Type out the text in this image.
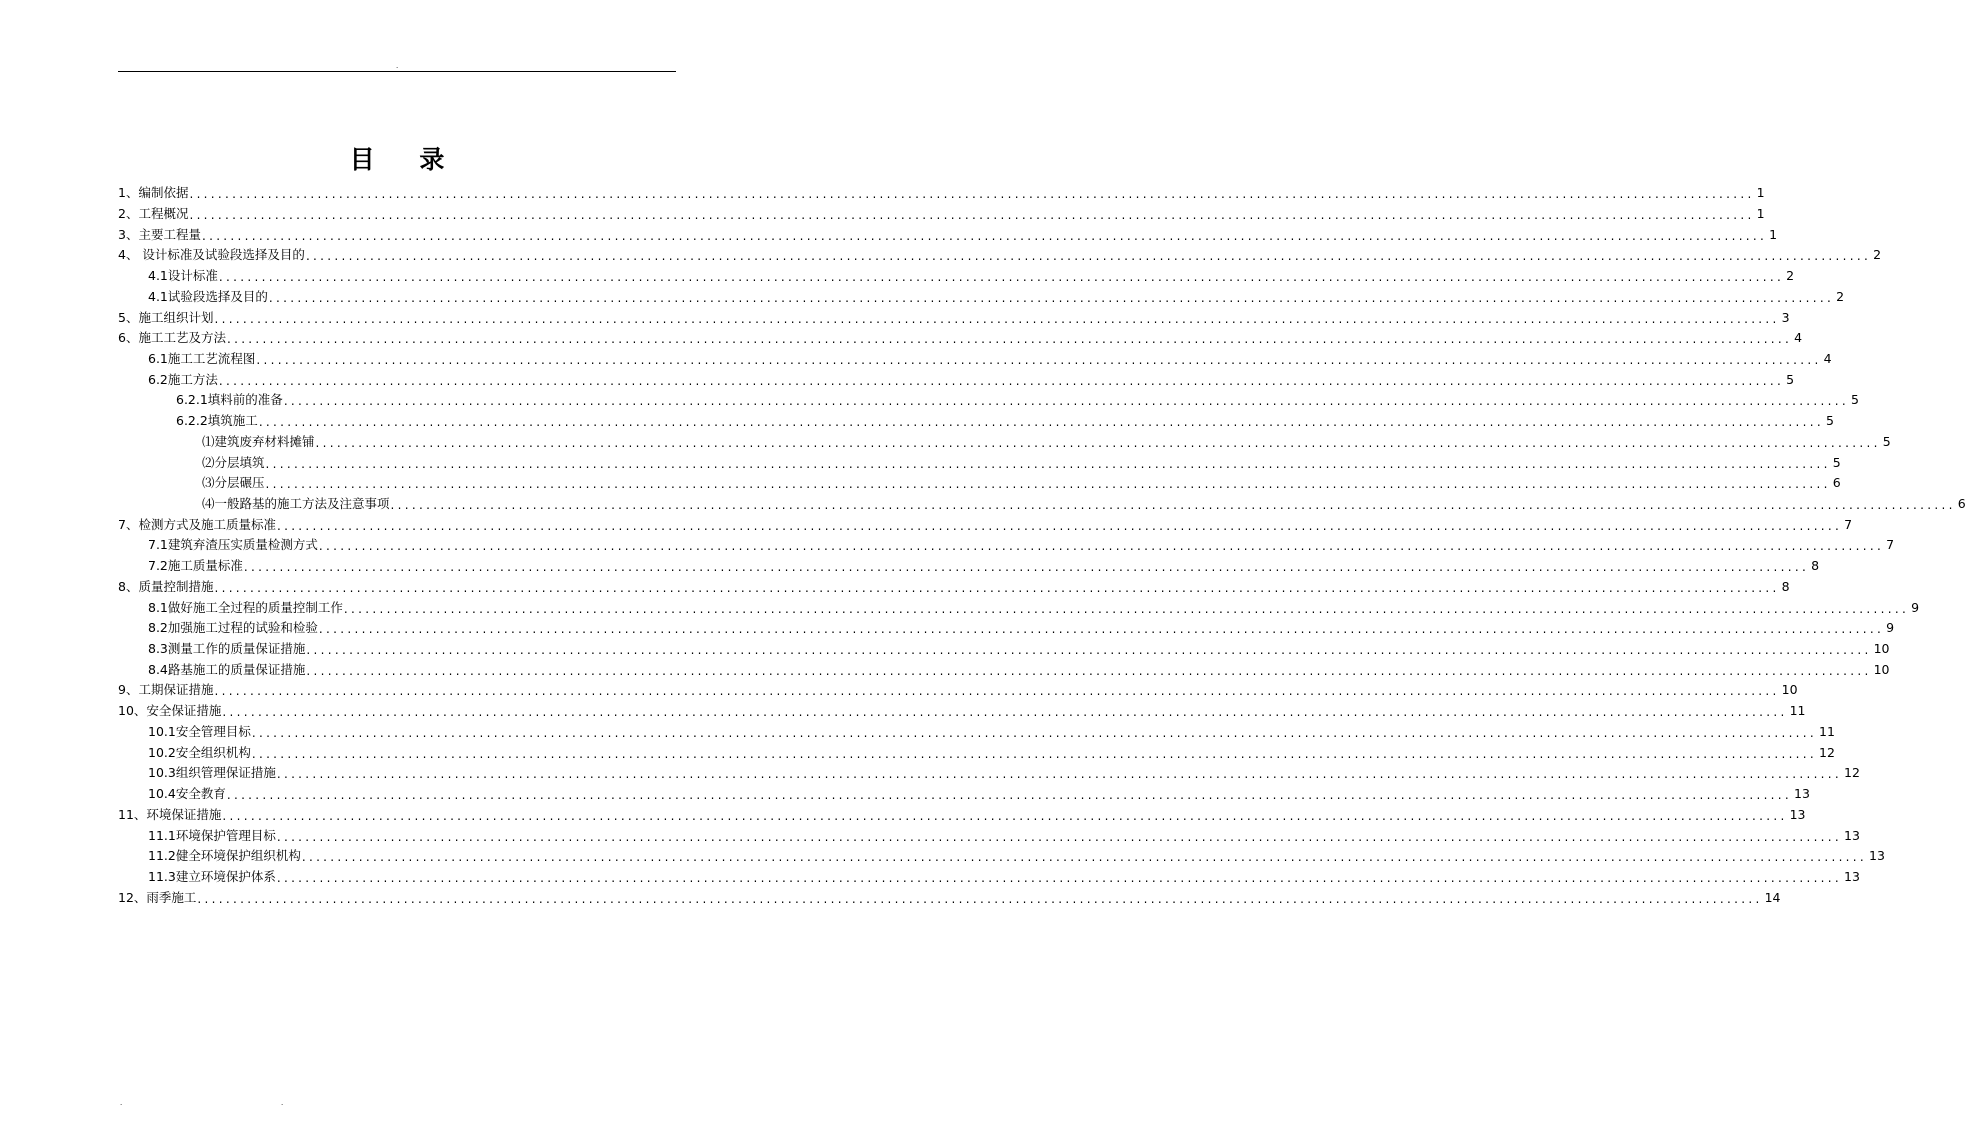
.
目 录
1、编制依据 ............................................................................................................................................................................................................................ 1
2、工程概况 ............................................................................................................................................................................................................................ 1
3、主要工程量 ............................................................................................................................................................................................................................ 1
4、 设计标准及试验段选择及目的 ............................................................................................................................................................................................................................ 2
4.1设计标准 ............................................................................................................................................................................................................................ 2
4.1试验段选择及目的 ............................................................................................................................................................................................................................ 2
5、施工组织计划 ............................................................................................................................................................................................................................ 3
6、施工工艺及方法 ............................................................................................................................................................................................................................ 4
6.1施工工艺流程图 ............................................................................................................................................................................................................................ 4
6.2施工方法 ............................................................................................................................................................................................................................ 5
6.2.1填料前的准备 ............................................................................................................................................................................................................................ 5
6.2.2填筑施工 ............................................................................................................................................................................................................................ 5
⑴建筑废弃材料摊铺 ............................................................................................................................................................................................................................ 5
⑵分层填筑 ............................................................................................................................................................................................................................ 5
⑶分层碾压 ............................................................................................................................................................................................................................ 6
⑷一般路基的施工方法及注意事项 ............................................................................................................................................................................................................................ 6
7、检测方式及施工质量标准 ............................................................................................................................................................................................................................ 7
7.1建筑弃渣压实质量检测方式 ............................................................................................................................................................................................................................ 7
7.2施工质量标准 ............................................................................................................................................................................................................................ 8
8、质量控制措施 ............................................................................................................................................................................................................................ 8
8.1做好施工全过程的质量控制工作 ............................................................................................................................................................................................................................ 9
8.2加强施工过程的试验和检验 ............................................................................................................................................................................................................................ 9
8.3测量工作的质量保证措施 ............................................................................................................................................................................................................................ 10
8.4路基施工的质量保证措施 ............................................................................................................................................................................................................................ 10
9、工期保证措施 ............................................................................................................................................................................................................................ 10
10、安全保证措施 ............................................................................................................................................................................................................................ 11
10.1安全管理目标 ............................................................................................................................................................................................................................ 11
10.2安全组织机构 ............................................................................................................................................................................................................................ 12
10.3组织管理保证措施 ............................................................................................................................................................................................................................ 12
10.4安全教育 ............................................................................................................................................................................................................................ 13
11、环境保证措施 ............................................................................................................................................................................................................................ 13
11.1环境保护管理目标 ............................................................................................................................................................................................................................ 13
11.2健全环境保护组织机构 ............................................................................................................................................................................................................................ 13
11.3建立环境保护体系 ............................................................................................................................................................................................................................ 13
12、雨季施工 ............................................................................................................................................................................................................................ 14
.	.
